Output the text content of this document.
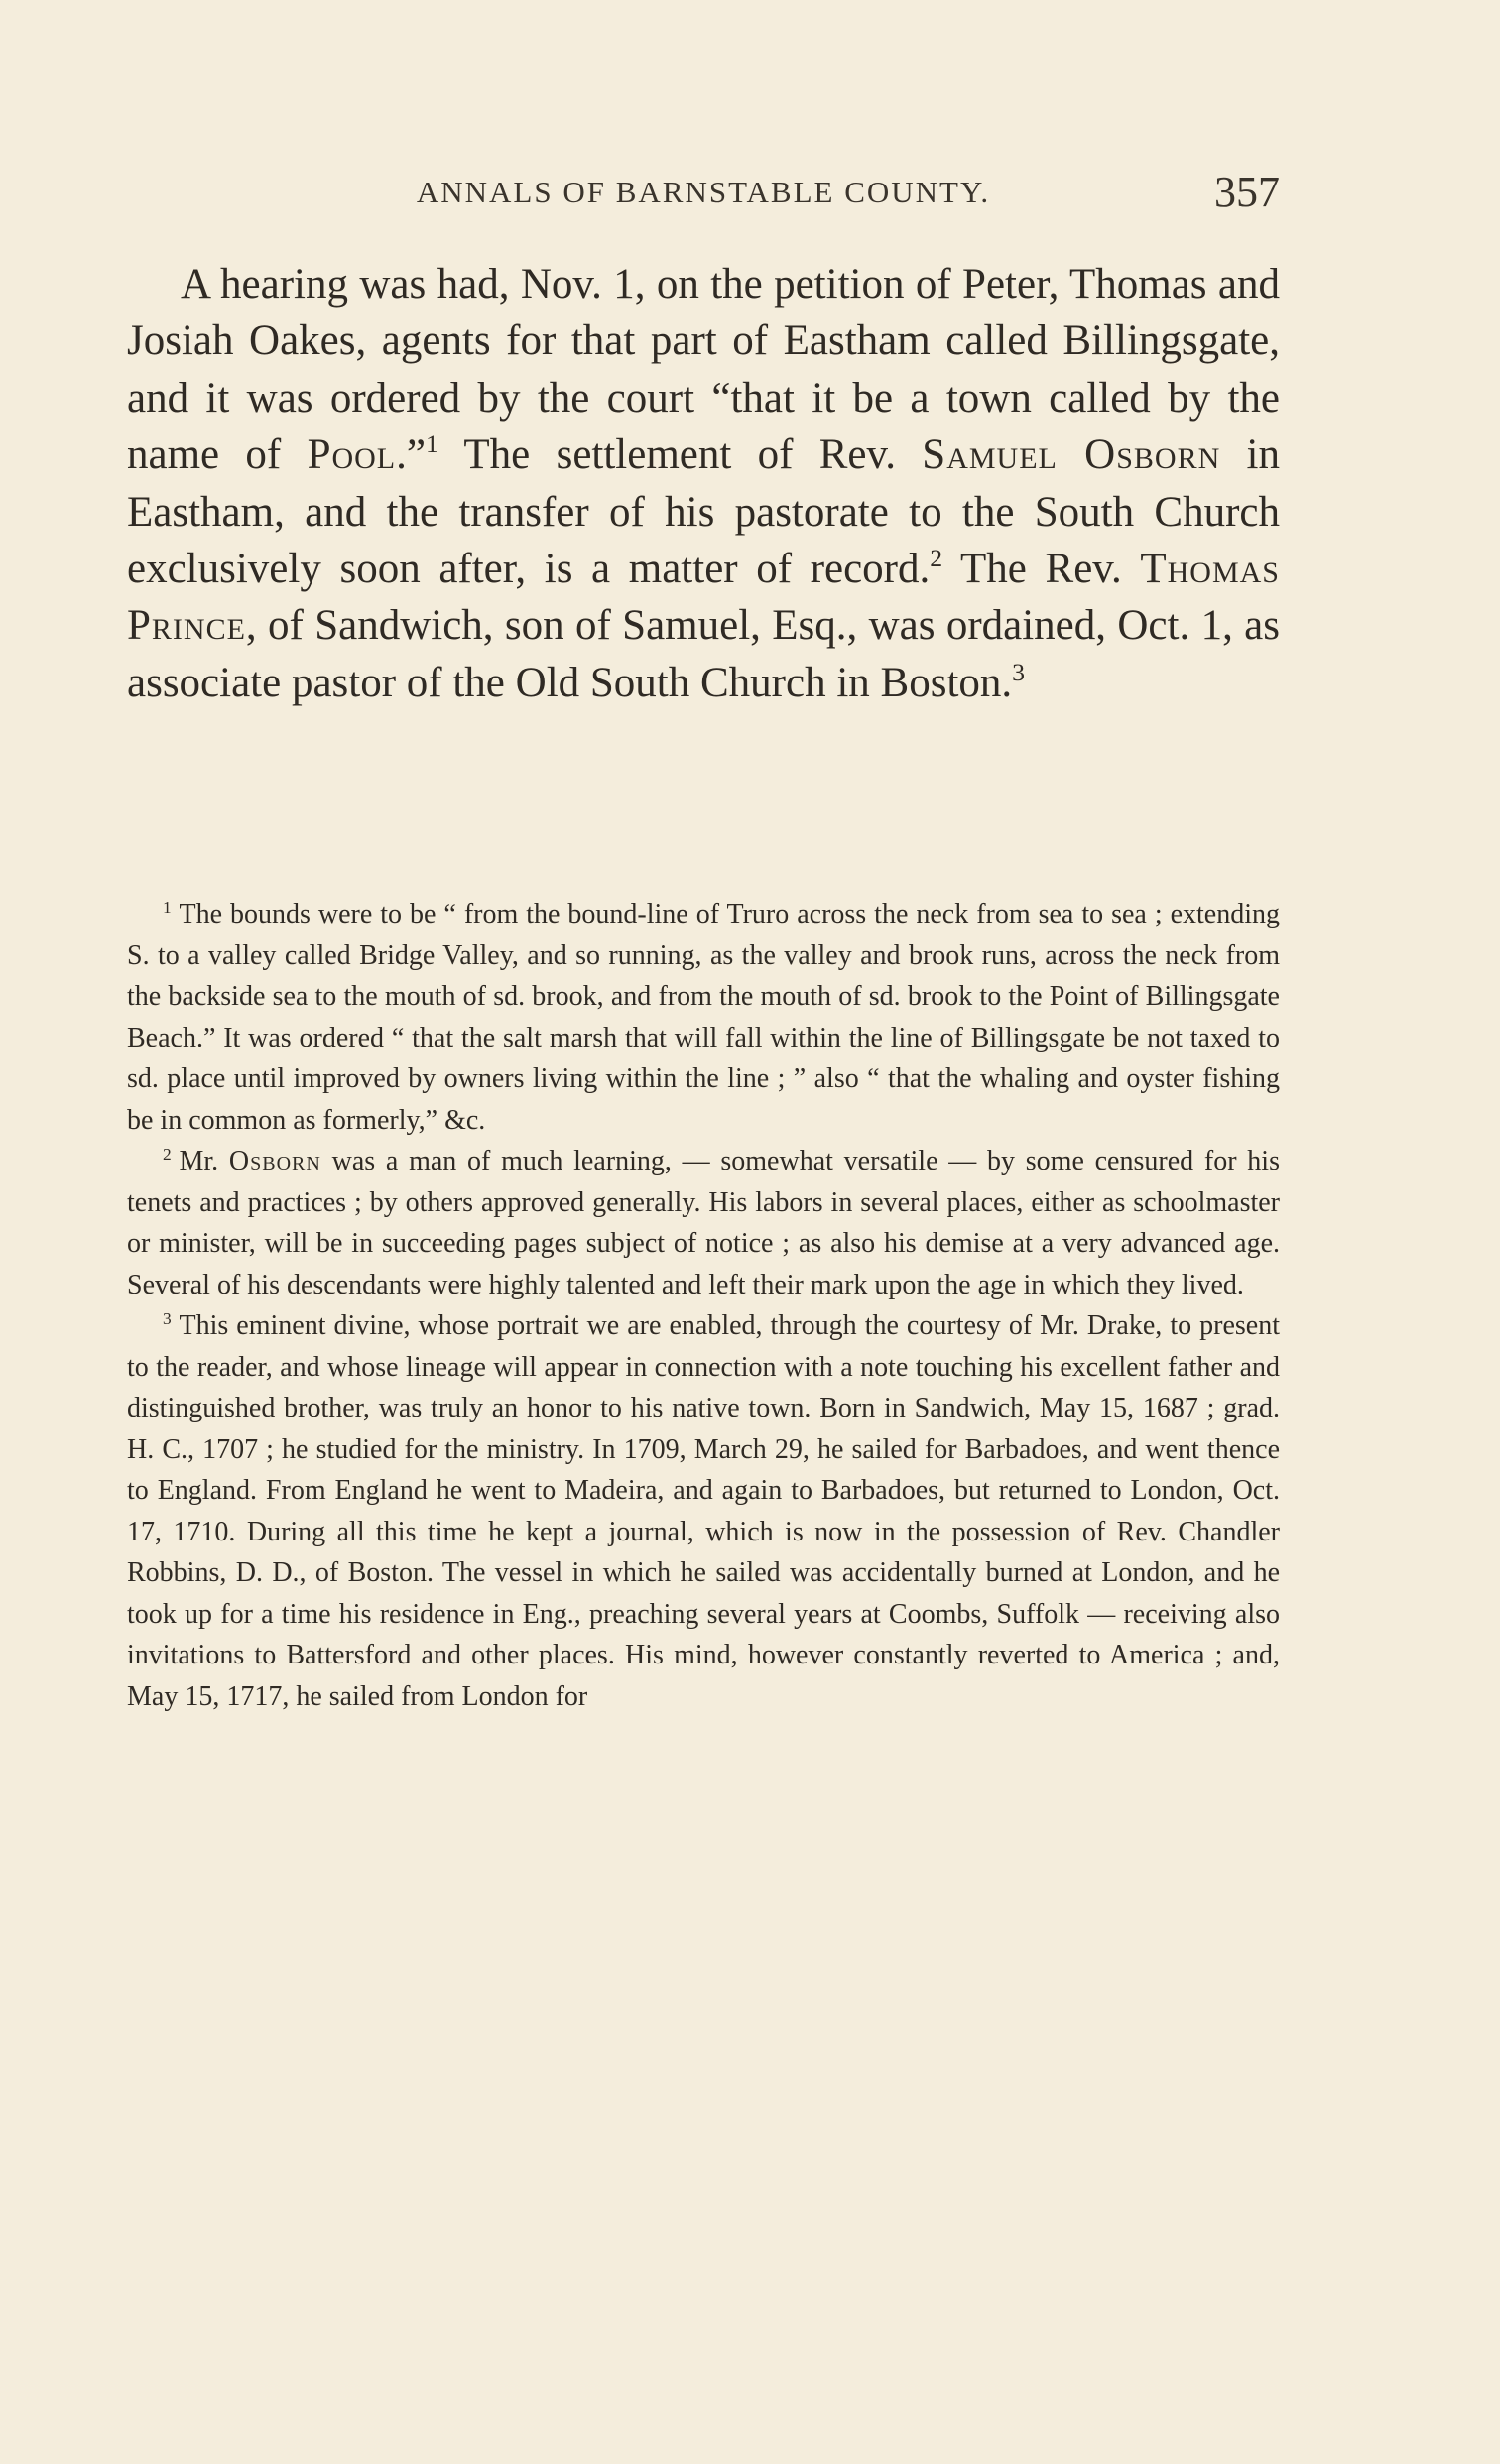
ANNALS OF BARNSTABLE COUNTY.	357

A hearing was had, Nov. 1, on the petition of Peter, Thomas and Josiah Oakes, agents for that part of Eastham called Billingsgate, and it was ordered by the court “that it be a town called by the name of Pool.”$^1$ The settlement of Rev. Samuel Osborn in Eastham, and the transfer of his pastorate to the South Church exclusively soon after, is a matter of record.$^2$ The Rev. Thomas Prince, of Sandwich, son of Samuel, Esq., was ordained, Oct. 1, as associate pastor of the Old South Church in Boston.$^3$

$^1$ The bounds were to be “ from the bound-line of Truro across the neck from sea to sea ; extending S. to a valley called Bridge Valley, and so running, as the valley and brook runs, across the neck from the backside sea to the mouth of sd. brook, and from the mouth of sd. brook to the Point of Billingsgate Beach.” It was ordered “ that the salt marsh that will fall within the line of Billingsgate be not taxed to sd. place until improved by owners living within the line ; ” also “ that the whaling and oyster fishing be in common as formerly,” &c.

$^2$ Mr. Osborn was a man of much learning, — somewhat versatile — by some censured for his tenets and practices ; by others approved generally. His labors in several places, either as schoolmaster or minister, will be in succeeding pages subject of notice ; as also his demise at a very advanced age. Several of his descendants were highly talented and left their mark upon the age in which they lived.

$^3$ This eminent divine, whose portrait we are enabled, through the courtesy of Mr. Drake, to present to the reader, and whose lineage will appear in connection with a note touching his excellent father and distinguished brother, was truly an honor to his native town. Born in Sandwich, May 15, 1687 ; grad. H. C., 1707 ; he studied for the ministry. In 1709, March 29, he sailed for Barbadoes, and went thence to England. From England he went to Madeira, and again to Barbadoes, but returned to London, Oct. 17, 1710. During all this time he kept a journal, which is now in the possession of Rev. Chandler Robbins, D. D., of Boston. The vessel in which he sailed was accidentally burned at London, and he took up for a time his residence in Eng., preaching several years at Coombs, Suffolk — receiving also invitations to Battersford and other places. His mind, however constantly reverted to America ; and, May 15, 1717, he sailed from London for
